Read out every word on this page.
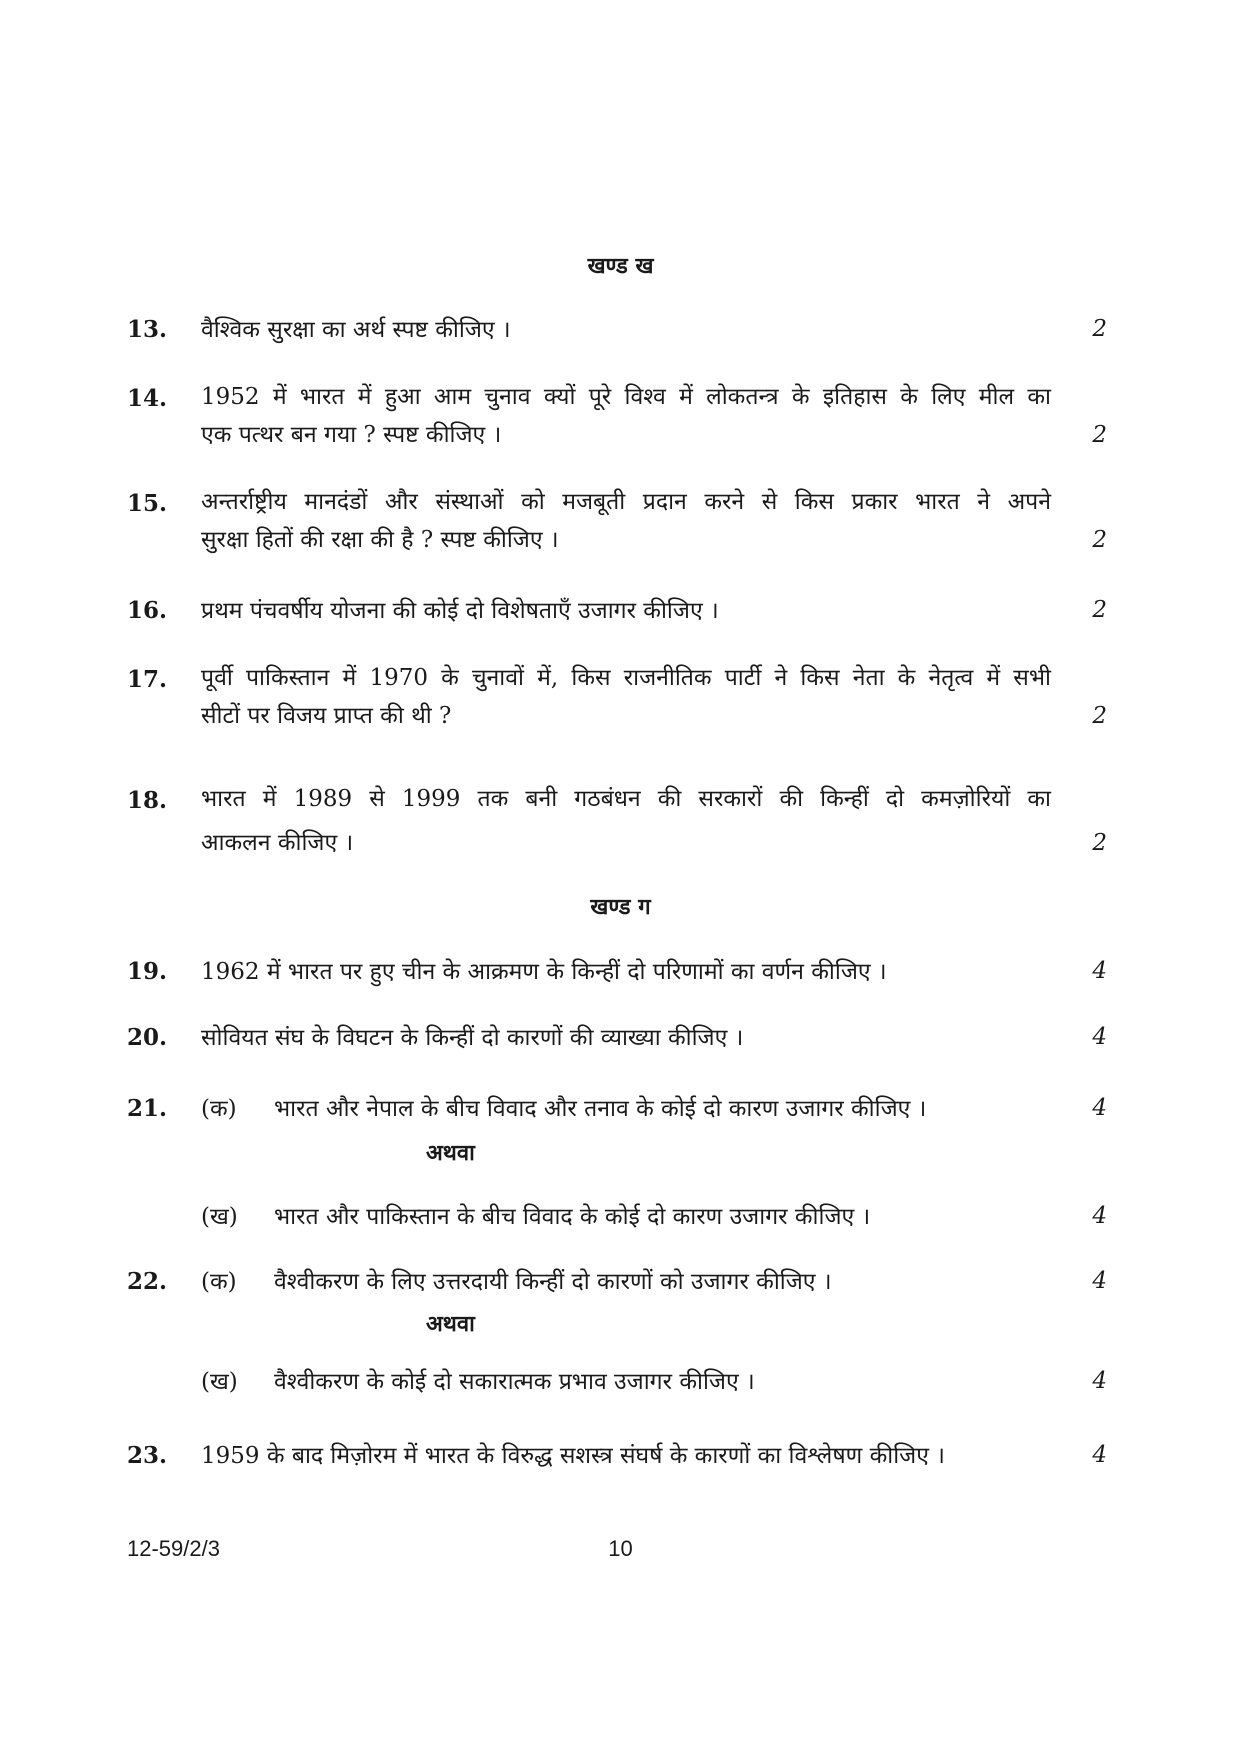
खण्ड ख
13. वैश्विक सुरक्षा का अर्थ स्पष्ट कीजिए ।	2
14. 1952 में भारत में हुआ आम चुनाव क्यों पूरे विश्व में लोकतन्त्र के इतिहास के लिए मील का
एक पत्थर बन गया ? स्पष्ट कीजिए ।	2
15. अन्तर्राष्ट्रीय मानदंडों और संस्थाओं को मजबूती प्रदान करने से किस प्रकार भारत ने अपने
सुरक्षा हितों की रक्षा की है ? स्पष्ट कीजिए ।	2
16. प्रथम पंचवर्षीय योजना की कोई दो विशेषताएँ उजागर कीजिए ।	2
17. पूर्वी पाकिस्तान में 1970 के चुनावों में, किस राजनीतिक पार्टी ने किस नेता के नेतृत्व में सभी
सीटों पर विजय प्राप्त की थी ?	2
18. भारत में 1989 से 1999 तक बनी गठबंधन की सरकारों की किन्हीं दो कमज़ोरियों का
आकलन कीजिए ।	2
खण्ड ग
19. 1962 में भारत पर हुए चीन के आक्रमण के किन्हीं दो परिणामों का वर्णन कीजिए ।	4
20. सोवियत संघ के विघटन के किन्हीं दो कारणों की व्याख्या कीजिए ।	4
21. (क) भारत और नेपाल के बीच विवाद और तनाव के कोई दो कारण उजागर कीजिए ।	4
अथवा
(ख) भारत और पाकिस्तान के बीच विवाद के कोई दो कारण उजागर कीजिए ।	4
22. (क) वैश्वीकरण के लिए उत्तरदायी किन्हीं दो कारणों को उजागर कीजिए ।	4
अथवा
(ख) वैश्वीकरण के कोई दो सकारात्मक प्रभाव उजागर कीजिए ।	4
23. 1959 के बाद मिज़ोरम में भारत के विरुद्ध सशस्त्र संघर्ष के कारणों का विश्लेषण कीजिए ।	4
12-59/2/3	10
